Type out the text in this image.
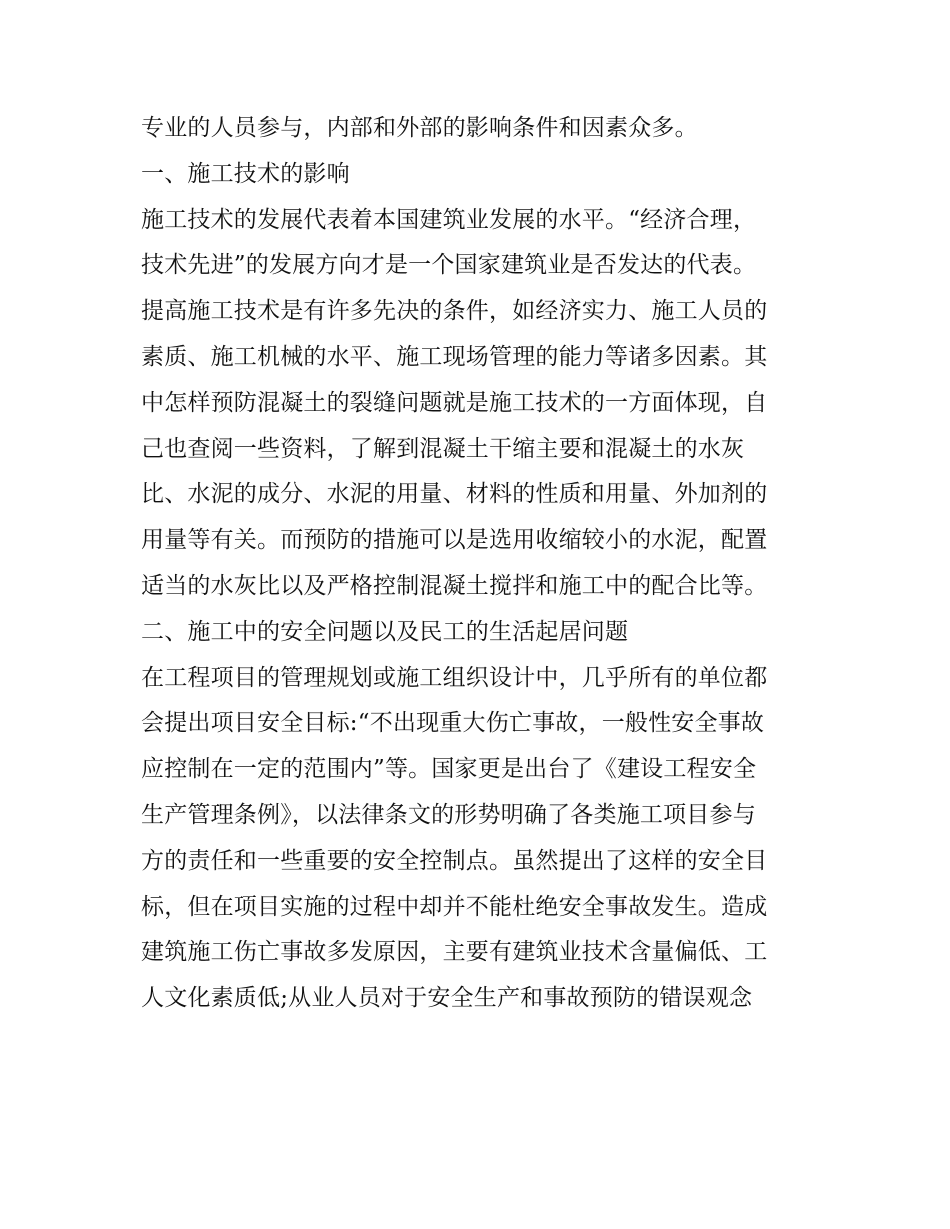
专业的人员参与，内部和外部的影响条件和因素众多。
一、施工技术的影响
施工技术的发展代表着本国建筑业发展的水平。“经济合理，
技术先进”的发展方向才是一个国家建筑业是否发达的代表。
提高施工技术是有许多先决的条件，如经济实力、施工人员的
素质、施工机械的水平、施工现场管理的能力等诸多因素。其
中怎样预防混凝土的裂缝问题就是施工技术的一方面体现，自
己也查阅一些资料，了解到混凝土干缩主要和混凝土的水灰
比、水泥的成分、水泥的用量、材料的性质和用量、外加剂的
用量等有关。而预防的措施可以是选用收缩较小的水泥，配置
适当的水灰比以及严格控制混凝土搅拌和施工中的配合比等。
二、施工中的安全问题以及民工的生活起居问题
在工程项目的管理规划或施工组织设计中，几乎所有的单位都
会提出项目安全目标:“不出现重大伤亡事故，一般性安全事故
应控制在一定的范围内”等。国家更是出台了《建设工程安全
生产管理条例》，以法律条文的形势明确了各类施工项目参与
方的责任和一些重要的安全控制点。虽然提出了这样的安全目
标，但在项目实施的过程中却并不能杜绝安全事故发生。造成
建筑施工伤亡事故多发原因，主要有建筑业技术含量偏低、工
人文化素质低;从业人员对于安全生产和事故预防的错误观念
